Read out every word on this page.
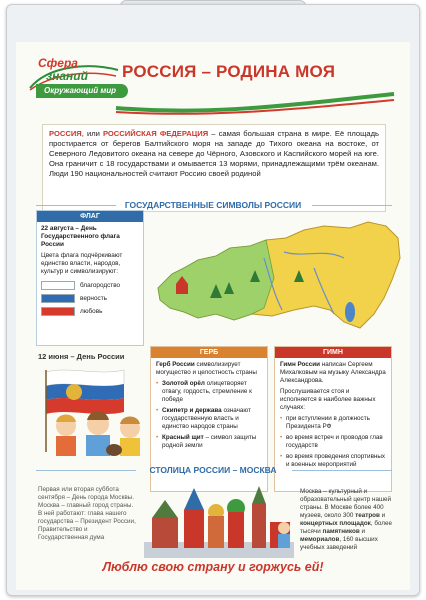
Сфера
знаний
Окружающий мир
РОССИЯ – РОДИНА МОЯ
РОССИЯ, или РОССИЙСКАЯ ФЕДЕРАЦИЯ – самая большая страна в мире. Её площадь простирается от берегов Балтийского моря на западе до Тихого океана на востоке, от Северного Ледовитого океана на севере до Чёрного, Азовского и Каспийского морей на юге. Она граничит с 18 государствами и омывается 13 морями, принадлежащими трём океанам. Люди 190 национальностей считают Россию своей родиной
ГОСУДАРСТВЕННЫЕ СИМВОЛЫ РОССИИ
ФЛАГ
22 августа – День Государственного флага России
Цвета флага подчёркивают единство власти, народов, культур и символизируют:
благородство
верность
любовь
12 июня – День России	ГЕРБ

Герб России символизирует могущество и целостность страны

• Золотой орёл олицетворяет отвагу, гордость, стремление к победе

• Скипетр и держава означают государственную власть и единство народов страны

• Красный щит – символ защиты родной земли

ГИМН

Гимн России написан Сергеем Михалковым на музыку Александра Александрова.

Прослушивается стоя и исполняется в наиболее важных случаях:

• при вступлении в должность Президента РФ

• во время встреч и проводов глав государств

• во время проведения спортивных и военных мероприятий

СТОЛИЦА РОССИИ – МОСКВА
Первая или вторая суббота сентября – День города Москвы. Москва – главный город страны. В ней работают: глава нашего государства – Президент России, Правительство и Государственная дума
Москва – культурный и образовательный центр нашей страны. В Москве более 400 музеев, около 300 театров и концертных площадок, более тысячи памятников и мемориалов, 160 высших учебных заведений
Люблю свою страну и горжусь ей!
